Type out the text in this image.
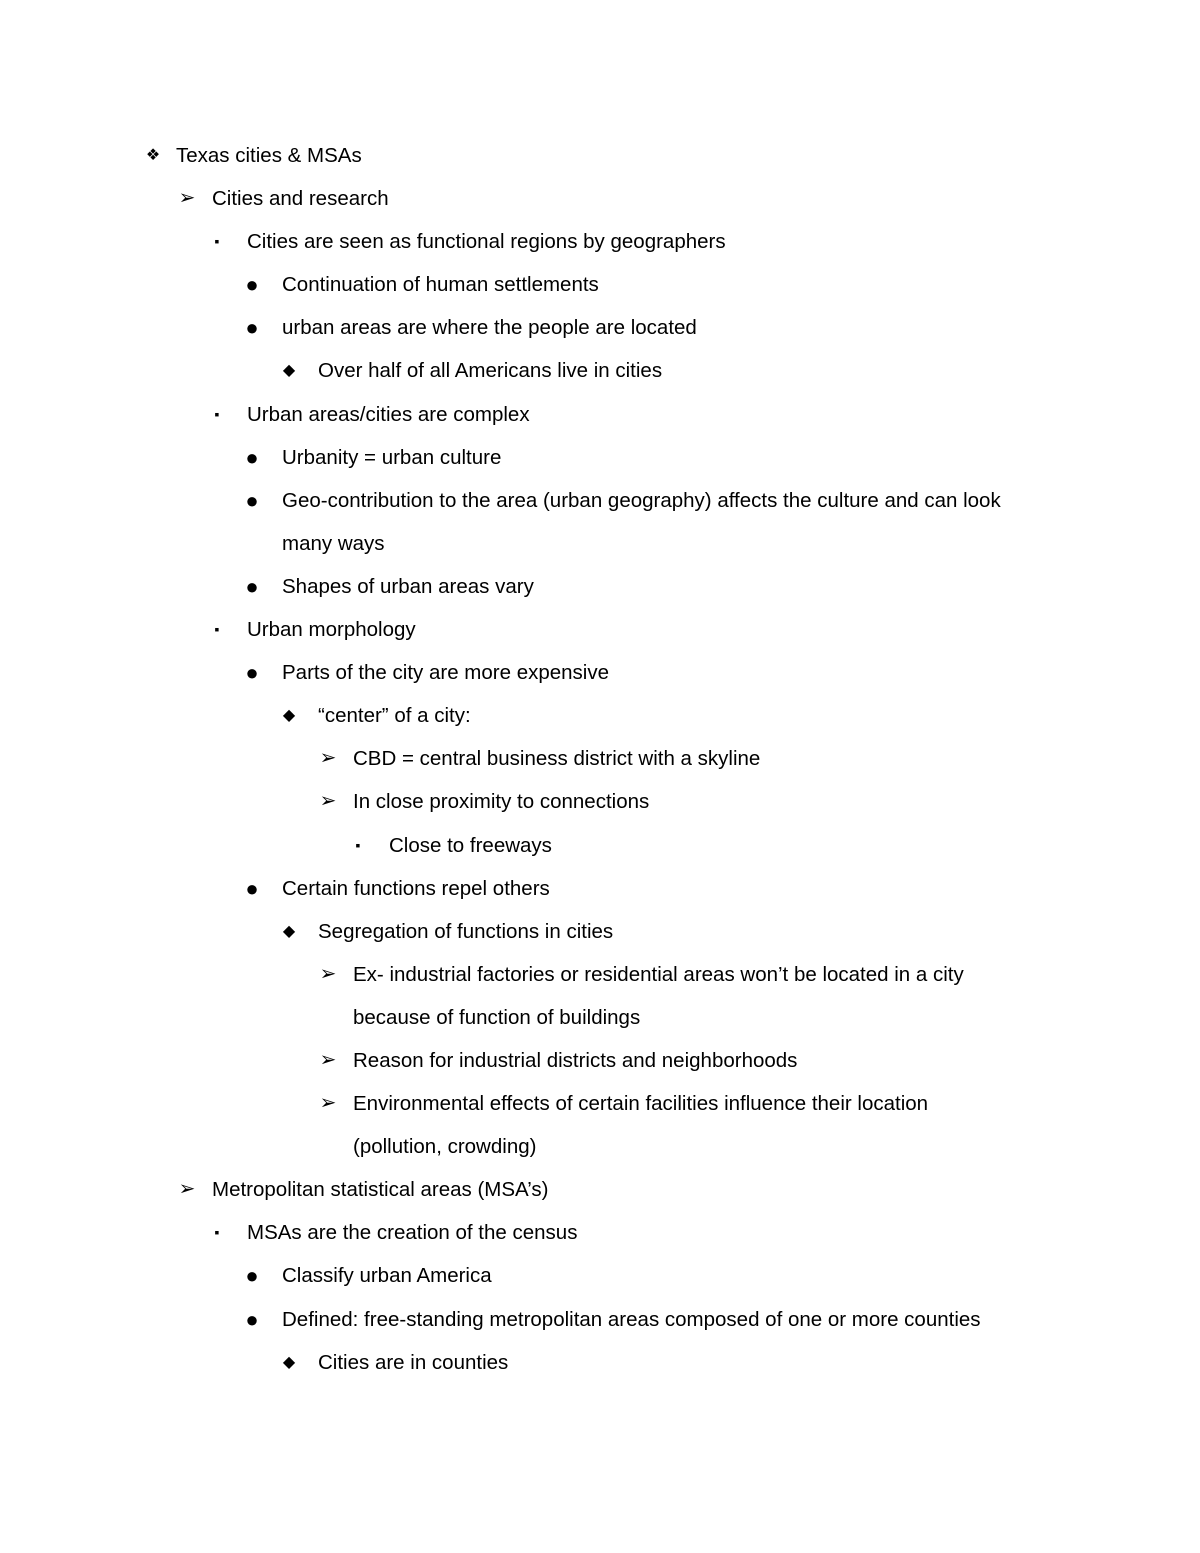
❖ Texas cities & MSAs
➢ Cities and research
▪	Cities are seen as functional regions by geographers
● Continuation of human settlements
● urban areas are where the people are located
◆ Over half of all Americans live in cities
▪	Urban areas/cities are complex
● Urbanity = urban culture
● Geo-contribution to the area (urban geography) affects the culture and can look
many ways
● Shapes of urban areas vary
▪	Urban morphology
● Parts of the city are more expensive
◆ “center” of a city:
➢ CBD = central business district with a skyline
➢ In close proximity to connections
▪	Close to freeways
● Certain functions repel others
◆ Segregation of functions in cities
➢ Ex- industrial factories or residential areas won’t be located in a city
because of function of buildings
➢ Reason for industrial districts and neighborhoods
➢ Environmental effects of certain facilities influence their location
(pollution, crowding)
➢ Metropolitan statistical areas (MSA’s)
▪	MSAs are the creation of the census
● Classify urban America
● Defined: free-standing metropolitan areas composed of one or more counties
◆ Cities are in counties
